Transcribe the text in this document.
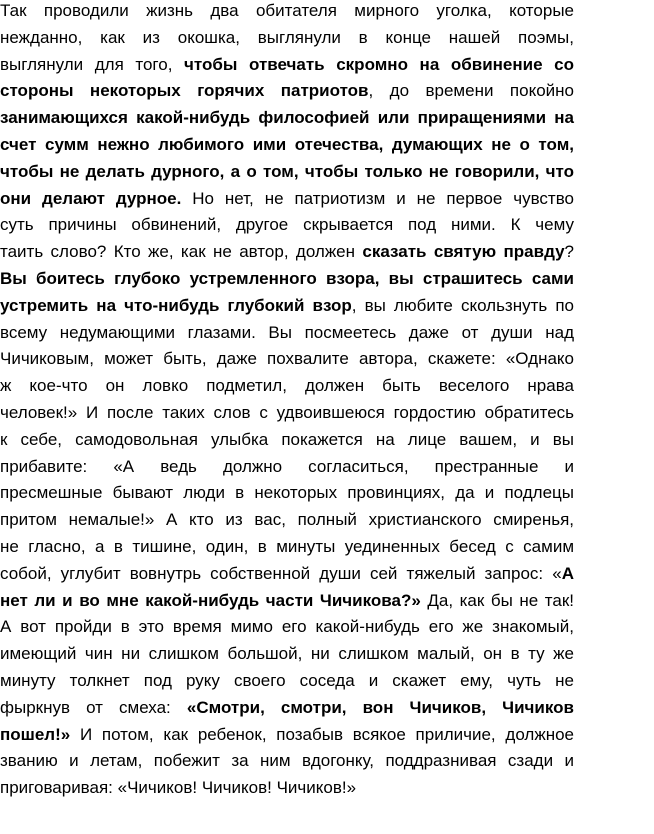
Так проводили жизнь два обитателя мирного уголка, которые
нежданно, как из окошка, выглянули в конце нашей поэмы,
выглянули для того, чтобы отвечать скромно на обвинение со
стороны некоторых горячих патриотов, до времени покойно
занимающихся какой-нибудь философией или приращениями на
счет сумм нежно любимого ими отечества, думающих не о том,
чтобы не делать дурного, а о том, чтобы только не говорили, что
они делают дурное. Но нет, не патриотизм и не первое чувство
суть причины обвинений, другое скрывается под ними. К чему
таить слово? Кто же, как не автор, должен сказать святую правду?
Вы боитесь глубоко устремленного взора, вы страшитесь сами
устремить на что-нибудь глубокий взор, вы любите скользнуть по
всему недумающими глазами. Вы посмеетесь даже от души над
Чичиковым, может быть, даже похвалите автора, скажете: «Однако
ж кое-что он ловко подметил, должен быть веселого нрава
человек!» И после таких слов с удвоившеюся гордостию обратитесь
к себе, самодовольная улыбка покажется на лице вашем, и вы
прибавите: «А ведь должно согласиться, престранные и
пресмешные бывают люди в некоторых провинциях, да и подлецы
притом немалые!» А кто из вас, полный христианского смиренья,
не гласно, а в тишине, один, в минуты уединенных бесед с самим
собой, углубит вовнутрь собственной души сей тяжелый запрос: «А
нет ли и во мне какой-нибудь части Чичикова?» Да, как бы не так!
А вот пройди в это время мимо его какой-нибудь его же знакомый,
имеющий чин ни слишком большой, ни слишком малый, он в ту же
минуту толкнет под руку своего соседа и скажет ему, чуть не
фыркнув от смеха: «Смотри, смотри, вон Чичиков, Чичиков
пошел!» И потом, как ребенок, позабыв всякое приличие, должное
званию и летам, побежит за ним вдогонку, поддразнивая сзади и
приговаривая: «Чичиков! Чичиков! Чичиков!»
